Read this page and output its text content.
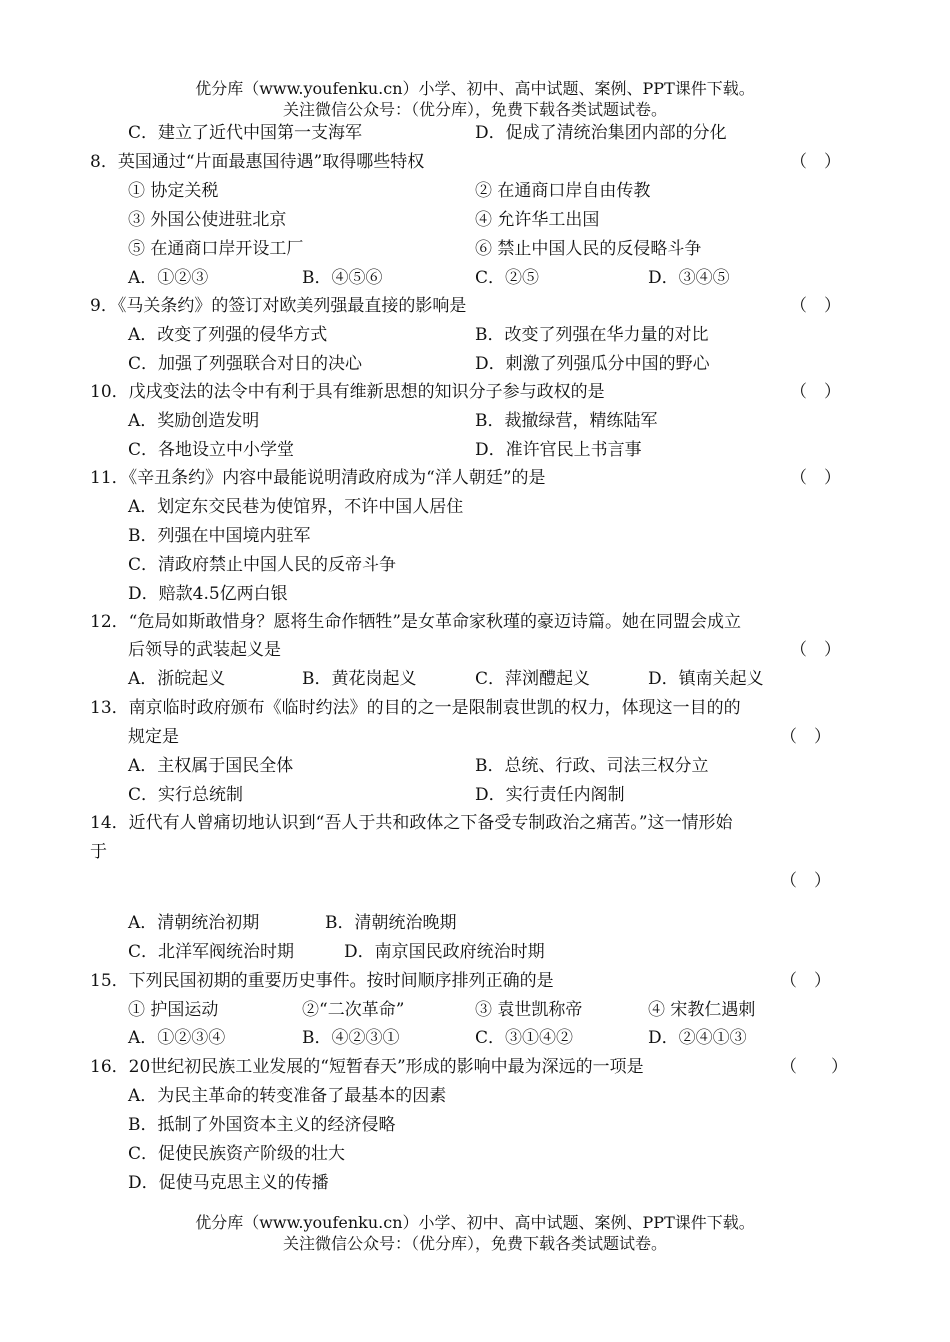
优分库（www.youfenku.cn）小学、初中、高中试题、案例、PPT课件下载。
关注微信公众号：（优分库），免费下载各类试题试卷。
C．建立了近代中国第一支海军	D．促成了清统治集团内部的分化
8．英国通过“片面最惠国待遇”取得哪些特权	（　）
① 协定关税	② 在通商口岸自由传教
③ 外国公使进驻北京	④ 允许华工出国
⑤ 在通商口岸开设工厂	⑥ 禁止中国人民的反侵略斗争
A．①②③	B．④⑤⑥	C．②⑤	D．③④⑤
9．《马关条约》的签订对欧美列强最直接的影响是	（　）
A．改变了列强的侵华方式	B．改变了列强在华力量的对比
C．加强了列强联合对日的决心	D．刺激了列强瓜分中国的野心
10．戊戌变法的法令中有利于具有维新思想的知识分子参与政权的是	（　）
A．奖励创造发明	B．裁撤绿营，精练陆军
C．各地设立中小学堂	D．准许官民上书言事
11．《辛丑条约》内容中最能说明清政府成为“洋人朝廷”的是	（　）
A．划定东交民巷为使馆界，不许中国人居住
B．列强在中国境内驻军
C．清政府禁止中国人民的反帝斗争
D．赔款4.5亿两白银
12．“危局如斯敢惜身？愿将生命作牺牲”是女革命家秋瑾的豪迈诗篇。她在同盟会成立
后领导的武装起义是	（　）
A．浙皖起义	B．黄花岗起义	C．萍浏醴起义	D．镇南关起义
13．南京临时政府颁布《临时约法》的目的之一是限制袁世凯的权力，体现这一目的的
规定是	（　）
A．主权属于国民全体	B．总统、行政、司法三权分立
C．实行总统制	D．实行责任内阁制
14．近代有人曾痛切地认识到“吾人于共和政体之下备受专制政治之痛苦。”这一情形始
于
（　）
A．清朝统治初期	B．清朝统治晚期
C．北洋军阀统治时期	D．南京国民政府统治时期
15．下列民国初期的重要历史事件。按时间顺序排列正确的是	（　）
① 护国运动	②“二次革命”	③ 袁世凯称帝	④ 宋教仁遇刺
A．①②③④	B．④②③①	C．③①④②	D．②④①③
16．20世纪初民族工业发展的“短暂春天”形成的影响中最为深远的一项是	（　　）
A．为民主革命的转变准备了最基本的因素
B．抵制了外国资本主义的经济侵略
C．促使民族资产阶级的壮大
D．促使马克思主义的传播
优分库（www.youfenku.cn）小学、初中、高中试题、案例、PPT课件下载。
关注微信公众号：（优分库），免费下载各类试题试卷。
